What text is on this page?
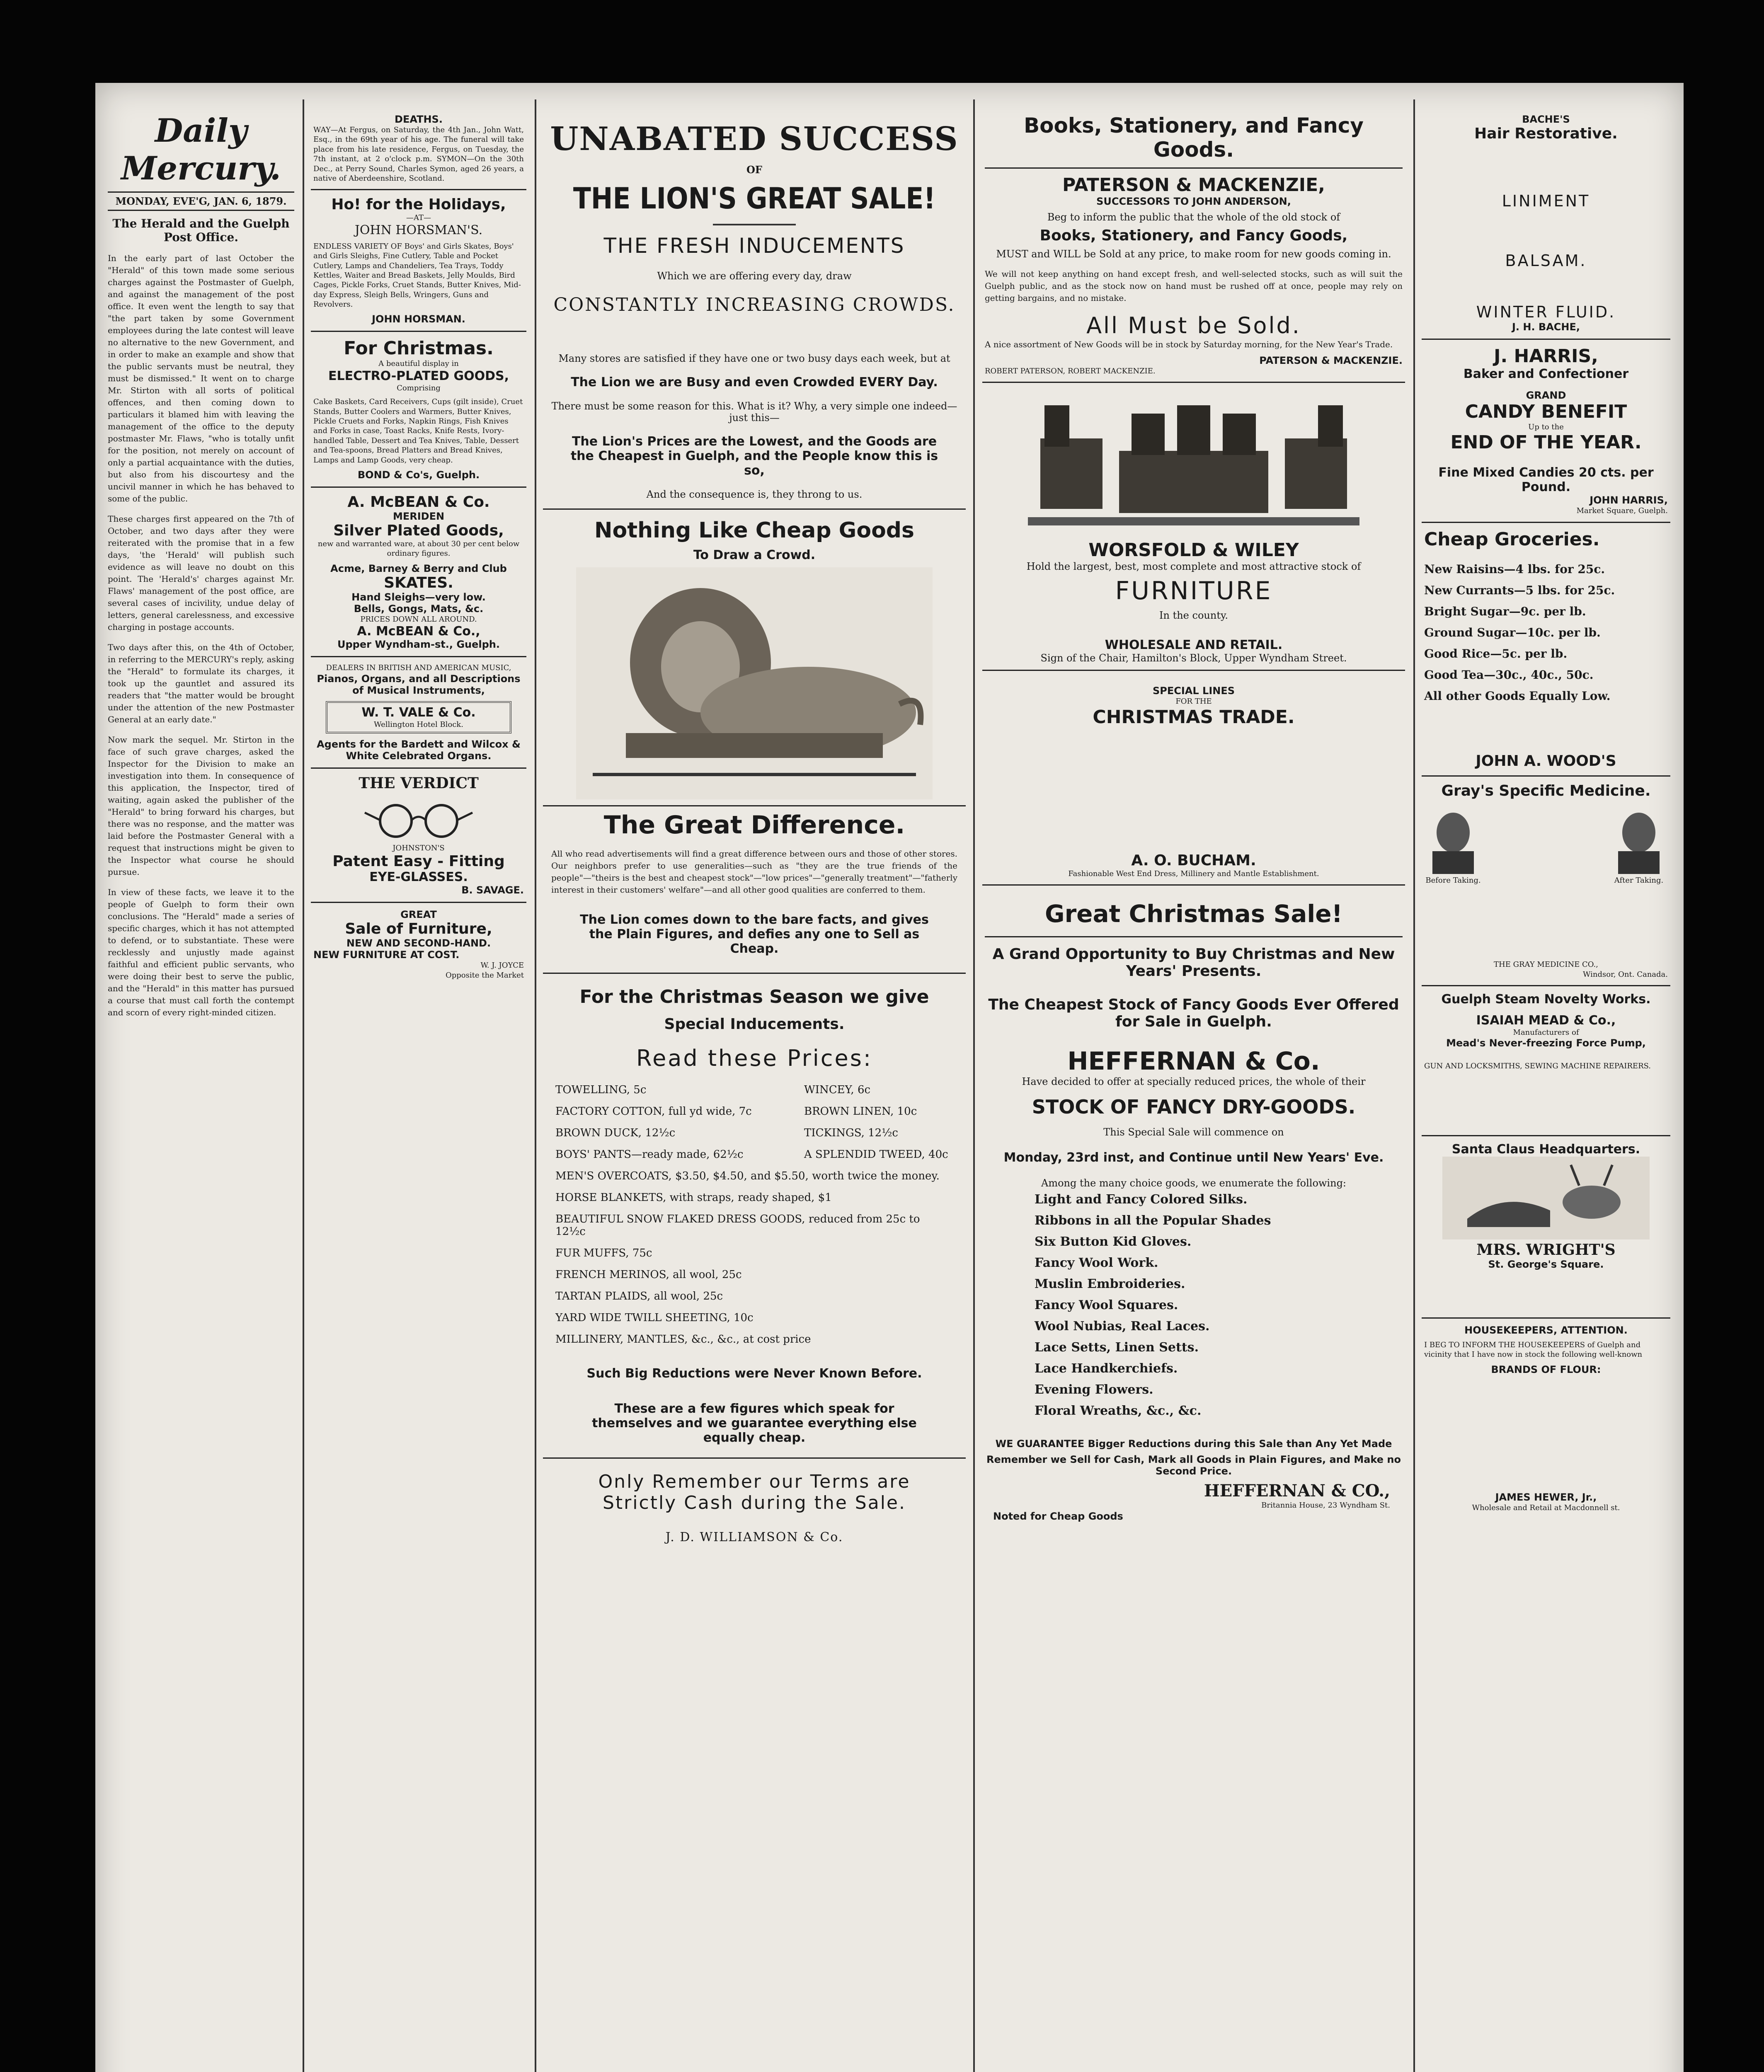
Daily Mercury.
MONDAY, EVE'G, JAN. 6, 1879.
The Herald and the Guelph Post Office.

In the early part of last October the "Herald" of this town made some serious charges against the Postmaster of Guelph, and against the management of the post office. It even went the length to say that "the part taken by some Government employees during the late contest will leave no alternative to the new Government, and in order to make an example and show that the public servants must be neutral, they must be dismissed." It went on to charge Mr. Stirton with all sorts of political offences, and then coming down to particulars it blamed him with leaving the management of the office to the deputy postmaster Mr. Flaws, "who is totally unfit for the position, not merely on account of only a partial acquaintance with the duties, but also from his discourtesy and the uncivil manner in which he has behaved to some of the public.

These charges first appeared on the 7th of October, and two days after they were reiterated with the promise that in a few days, 'the 'Herald' will publish such evidence as will leave no doubt on this point. The 'Herald's' charges against Mr. Flaws' management of the post office, are several cases of incivility, undue delay of letters, general carelessness, and excessive charging in postage accounts.

Two days after this, on the 4th of October, in referring to the MERCURY's reply, asking the "Herald" to formulate its charges, it took up the gauntlet and assured its readers that "the matter would be brought under the attention of the new Postmaster General at an early date."

Now mark the sequel. Mr. Stirton in the face of such grave charges, asked the Inspector for the Division to make an investigation into them. In consequence of this application, the Inspector, tired of waiting, again asked the publisher of the "Herald" to bring forward his charges, but there was no response, and the matter was laid before the Postmaster General with a request that instructions might be given to the Inspector what course he should pursue.

In view of these facts, we leave it to the people of Guelph to form their own conclusions. The "Herald" made a series of specific charges, which it has not attempted to defend, or to substantiate. These were recklessly and unjustly made against faithful and efficient public servants, who were doing their best to serve the public, and the "Herald" in this matter has pursued a course that must call forth the contempt and scorn of every right-minded citizen.

DEATHS.
WAY—At Fergus, on Saturday, the 4th Jan., John Watt, Esq., in the 69th year of his age. The funeral will take place from his late residence, Fergus, on Tuesday, the 7th instant, at 2 o'clock p.m. SYMON—On the 30th Dec., at Perry Sound, Charles Symon, aged 26 years, a native of Aberdeenshire, Scotland.
Ho! for the Holidays,
—AT—
JOHN HORSMAN'S.
ENDLESS VARIETY OF Boys' and Girls Skates, Boys' and Girls Sleighs, Fine Cutlery, Table and Pocket Cutlery, Lamps and Chandeliers, Tea Trays, Toddy Kettles, Waiter and Bread Baskets, Jelly Moulds, Bird Cages, Pickle Forks, Cruet Stands, Butter Knives, Mid-day Express, Sleigh Bells, Wringers, Guns and Revolvers.
JOHN HORSMAN.
For Christmas.
A beautiful display in
ELECTRO-PLATED GOODS,
Comprising
Cake Baskets, Card Receivers, Cups (gilt inside), Cruet Stands, Butter Coolers and Warmers, Butter Knives, Pickle Cruets and Forks, Napkin Rings, Fish Knives and Forks in case, Toast Racks, Knife Rests, Ivory-handled Table, Dessert and Tea Knives, Table, Dessert and Tea-spoons, Bread Platters and Bread Knives, Lamps and Lamp Goods, very cheap.
BOND & Co's, Guelph.
A. McBEAN & Co.
MERIDEN
Silver Plated Goods,
new and warranted ware, at about 30 per cent below ordinary figures.
Acme, Barney & Berry and Club
SKATES.
Hand Sleighs—very low.
Bells, Gongs, Mats, &c.
PRICES DOWN ALL AROUND.
A. McBEAN & Co.,
Upper Wyndham-st., Guelph.
DEALERS IN BRITISH AND AMERICAN MUSIC,
Pianos, Organs, and all Descriptions of Musical Instruments,
W. T. VALE & Co.
Wellington Hotel Block.
Agents for the Bardett and Wilcox & White Celebrated Organs.
THE VERDICT
JOHNSTON'S
Patent Easy - Fitting
EYE-GLASSES.
B. SAVAGE.
GREAT
Sale of Furniture,
NEW AND SECOND-HAND.
NEW FURNITURE AT COST.
W. J. JOYCE
Opposite the Market
UNABATED SUCCESS
OF
THE LION'S GREAT SALE!
THE FRESH INDUCEMENTS
Which we are offering every day, draw
CONSTANTLY INCREASING CROWDS.
Many stores are satisfied if they have one or two busy days each week, but at
The Lion we are Busy and even Crowded EVERY Day.
There must be some reason for this. What is it? Why, a very simple one indeed—just this—
The Lion's Prices are the Lowest, and the Goods are the Cheapest in Guelph, and the People know this is so,
And the consequence is, they throng to us.
Nothing Like Cheap Goods
To Draw a Crowd.
The Great Difference.
All who read advertisements will find a great difference between ours and those of other stores. Our neighbors prefer to use generalities—such as "they are the true friends of the people"—"theirs is the best and cheapest stock"—"low prices"—"generally treatment"—"fatherly interest in their customers' welfare"—and all other good qualities are conferred to them.
The Lion comes down to the bare facts, and gives the Plain Figures, and defies any one to Sell as Cheap.
For the Christmas Season we give
Special Inducements.
Read these Prices:
TOWELLING, 5c	WINCEY, 6c
FACTORY COTTON, full yd wide, 7c	BROWN LINEN, 10c
BROWN DUCK, 12½c	TICKINGS, 12½c
BOYS' PANTS—ready made, 62½c	A SPLENDID TWEED, 40c
MEN'S OVERCOATS, $3.50, $4.50, and $5.50, worth twice the money.
HORSE BLANKETS, with straps, ready shaped, $1
BEAUTIFUL SNOW FLAKED DRESS GOODS, reduced from 25c to 12½c
FUR MUFFS, 75c
FRENCH MERINOS, all wool, 25c
TARTAN PLAIDS, all wool, 25c
YARD WIDE TWILL SHEETING, 10c
MILLINERY, MANTLES, &c., &c., at cost price
Such Big Reductions were Never Known Before.
These are a few figures which speak for themselves and we guarantee everything else equally cheap.
Only Remember our Terms are Strictly Cash during the Sale.
J. D. WILLIAMSON & Co.
Books, Stationery, and Fancy Goods.
PATERSON & MACKENZIE,
SUCCESSORS TO JOHN ANDERSON,
Beg to inform the public that the whole of the old stock of
Books, Stationery, and Fancy Goods,
MUST and WILL be Sold at any price, to make room for new goods coming in.
We will not keep anything on hand except fresh, and well-selected stocks, such as will suit the Guelph public, and as the stock now on hand must be rushed off at once, people may rely on getting bargains, and no mistake.
All Must be Sold.
A nice assortment of New Goods will be in stock by Saturday morning, for the New Year's Trade.
PATERSON & MACKENZIE.
ROBERT PATERSON, ROBERT MACKENZIE.
WORSFOLD & WILEY
Hold the largest, best, most complete and most attractive stock of
FURNITURE
In the county.
WHOLESALE AND RETAIL.
Sign of the Chair, Hamilton's Block, Upper Wyndham Street.
SPECIAL LINES
FOR THE
CHRISTMAS TRADE.
A. O. BUCHAM.
Fashionable West End Dress, Millinery and Mantle Establishment.
Great Christmas Sale!
A Grand Opportunity to Buy Christmas and New Years' Presents.
The Cheapest Stock of Fancy Goods Ever Offered for Sale in Guelph.
HEFFERNAN & Co.
Have decided to offer at specially reduced prices, the whole of their
STOCK OF FANCY DRY-GOODS.
This Special Sale will commence on
Monday, 23rd inst, and Continue until New Years' Eve.
Among the many choice goods, we enumerate the following:
Light and Fancy Colored Silks.
Ribbons in all the Popular Shades
Six Button Kid Gloves.
Fancy Wool Work.
Muslin Embroideries.
Fancy Wool Squares.
Wool Nubias, Real Laces.
Lace Setts, Linen Setts.
Lace Handkerchiefs.
Evening Flowers.
Floral Wreaths, &c., &c.
WE GUARANTEE Bigger Reductions during this Sale than Any Yet Made
Remember we Sell for Cash, Mark all Goods in Plain Figures, and Make no Second Price.
HEFFERNAN & CO.,
Britannia House, 23 Wyndham St.
Noted for Cheap Goods
BACHE'S
Hair Restorative.
LINIMENT
BALSAM.
WINTER FLUID.
J. H. BACHE,
J. HARRIS,
Baker and Confectioner
GRAND
CANDY BENEFIT
Up to the
END OF THE YEAR.
Fine Mixed Candies 20 cts. per Pound.
JOHN HARRIS,
Market Square, Guelph.
Cheap Groceries.
New Raisins—4 lbs. for 25c.
New Currants—5 lbs. for 25c.
Bright Sugar—9c. per lb.
Ground Sugar—10c. per lb.
Good Rice—5c. per lb.
Good Tea—30c., 40c., 50c.
All other Goods Equally Low.
JOHN A. WOOD'S
Gray's Specific Medicine.
Before Taking.	After Taking.
THE GRAY MEDICINE CO.,
Windsor, Ont. Canada.
Guelph Steam Novelty Works.
ISAIAH MEAD & Co.,
Manufacturers of
Mead's Never-freezing Force Pump,
GUN AND LOCKSMITHS, SEWING MACHINE REPAIRERS.
Santa Claus Headquarters.
MRS. WRIGHT'S
St. George's Square.
HOUSEKEEPERS, ATTENTION.
I BEG TO INFORM THE HOUSEKEEPERS of Guelph and vicinity that I have now in stock the following well-known
BRANDS OF FLOUR:
JAMES HEWER, Jr.,
Wholesale and Retail at Macdonnell st.
